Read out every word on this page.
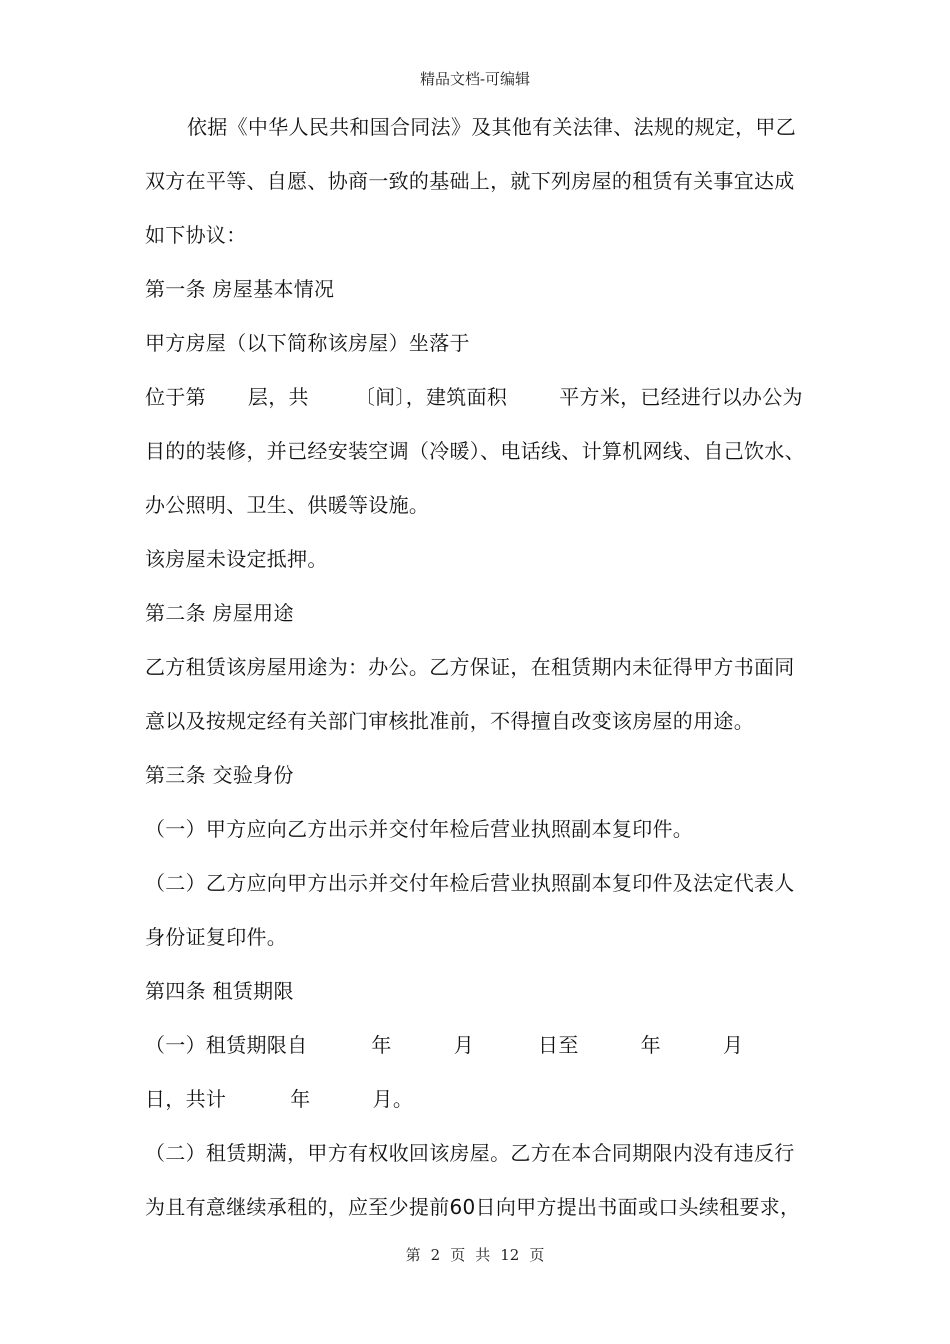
精品文档-可编辑

依据《中华人民共和国合同法》及其他有关法律、法规的规定，甲乙

双方在平等、自愿、协商一致的基础上，就下列房屋的租赁有关事宜达成

如下协议：

第一条 房屋基本情况

甲方房屋（以下简称该房屋）坐落于

位于第 层，共 〔间〕，建筑面积	平方米，已经进行以办公为

目的的装修，并已经安装空调（冷暖）、电话线、计算机网线、自己饮水、

办公照明、卫生、供暖等设施。

该房屋未设定抵押。

第二条 房屋用途

乙方租赁该房屋用途为：办公。乙方保证，在租赁期内未征得甲方书面同

意以及按规定经有关部门审核批准前，不得擅自改变该房屋的用途。

第三条 交验身份

（一）甲方应向乙方出示并交付年检后营业执照副本复印件。

（二）乙方应向甲方出示并交付年检后营业执照副本复印件及法定代表人

身份证复印件。

第四条 租赁期限

（一）租赁期限自	年	月	日至	年	月

日，共计	年	月。

（二）租赁期满，甲方有权收回该房屋。乙方在本合同期限内没有违反行

为且有意继续承租的，应至少提前60日向甲方提出书面或口头续租要求，

第 2 页 共 12 页
